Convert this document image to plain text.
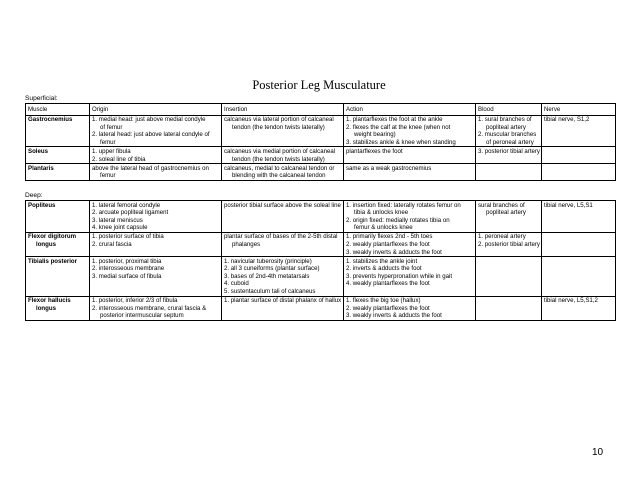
Posterior Leg Musculature
Superficial:
Muscle	Origin	Insertion	Action	Blood	Nerve

Gastrocnemius	1. medial head: just above medial condyle
of femur
2. lateral head: just above lateral condyle of
femur	calcaneus via lateral portion of calcaneal
tendon (the tendon twists laterally)	1. plantarflexes the foot at the ankle
2. flexes the calf at the knee (when not
weight bearing)
3. stabilizes ankle & knee when standing	1. sural branches of
popliteal artery
2. muscular branches
of peroneal artery	tibial nerve, S1,2

Soleus	1. upper fibula
2. soleal line of tibia	calcaneus via medial portion of calcaneal
tendon (the tendon twists laterally)	plantarflexes the foot	3. posterior tibial artery	

Plantaris	above the lateral head of gastrocnemius on
femur	calcaneus, medial to calcaneal tendon or
blending with the calcaneal tendon	same as a weak gastrocnemius		

Deep:
Popliteus	1. lateral femoral condyle
2. arcuate popliteal ligament
3. lateral meniscus
4. knee joint capsule	posterior tibial surface above the soleal line	1. insertion fixed: laterally rotates femur on
tibia & unlocks knee
2. origin fixed: medially rotates tibia on
femur & unlocks knee	sural branches of
popliteal artery	tibial nerve, L5,S1

Flexor digitorum
longus	1. posterior surface of tibia
2. crural fascia	plantar surface of bases of the 2-5th distal
phalanges	1. primarily flexes 2nd - 5th toes
2. weakly plantarflexes the foot
3. weakly inverts & adducts the foot	1. peroneal artery
2. posterior tibial artery	

Tibialis posterior	1. posterior, proximal tibia
2. interosseous membrane
3. medial surface of fibula	1. navicular tuberosity (principle)
2. all 3 cuneiforms (plantar surface)
3. bases of 2nd-4th metatarsals
4. cuboid
5. sustentaculum tali of calcaneus	1. stabilizes the ankle joint
2. inverts & adducts the foot
3. prevents hyperpronation while in gait
4. weakly plantarflexes the foot		

Flexor hallucis
longus	1. posterior, inferior 2/3 of fibula
2. interosseous membrane, crural fascia &
posterior intermuscular septum	1. plantar surface of distal phalanx of hallux	1. flexes the big toe (hallux)
2. weakly plantarflexes the foot
3. weakly inverts & adducts the foot		tibial nerve, L5,S1,2
10
